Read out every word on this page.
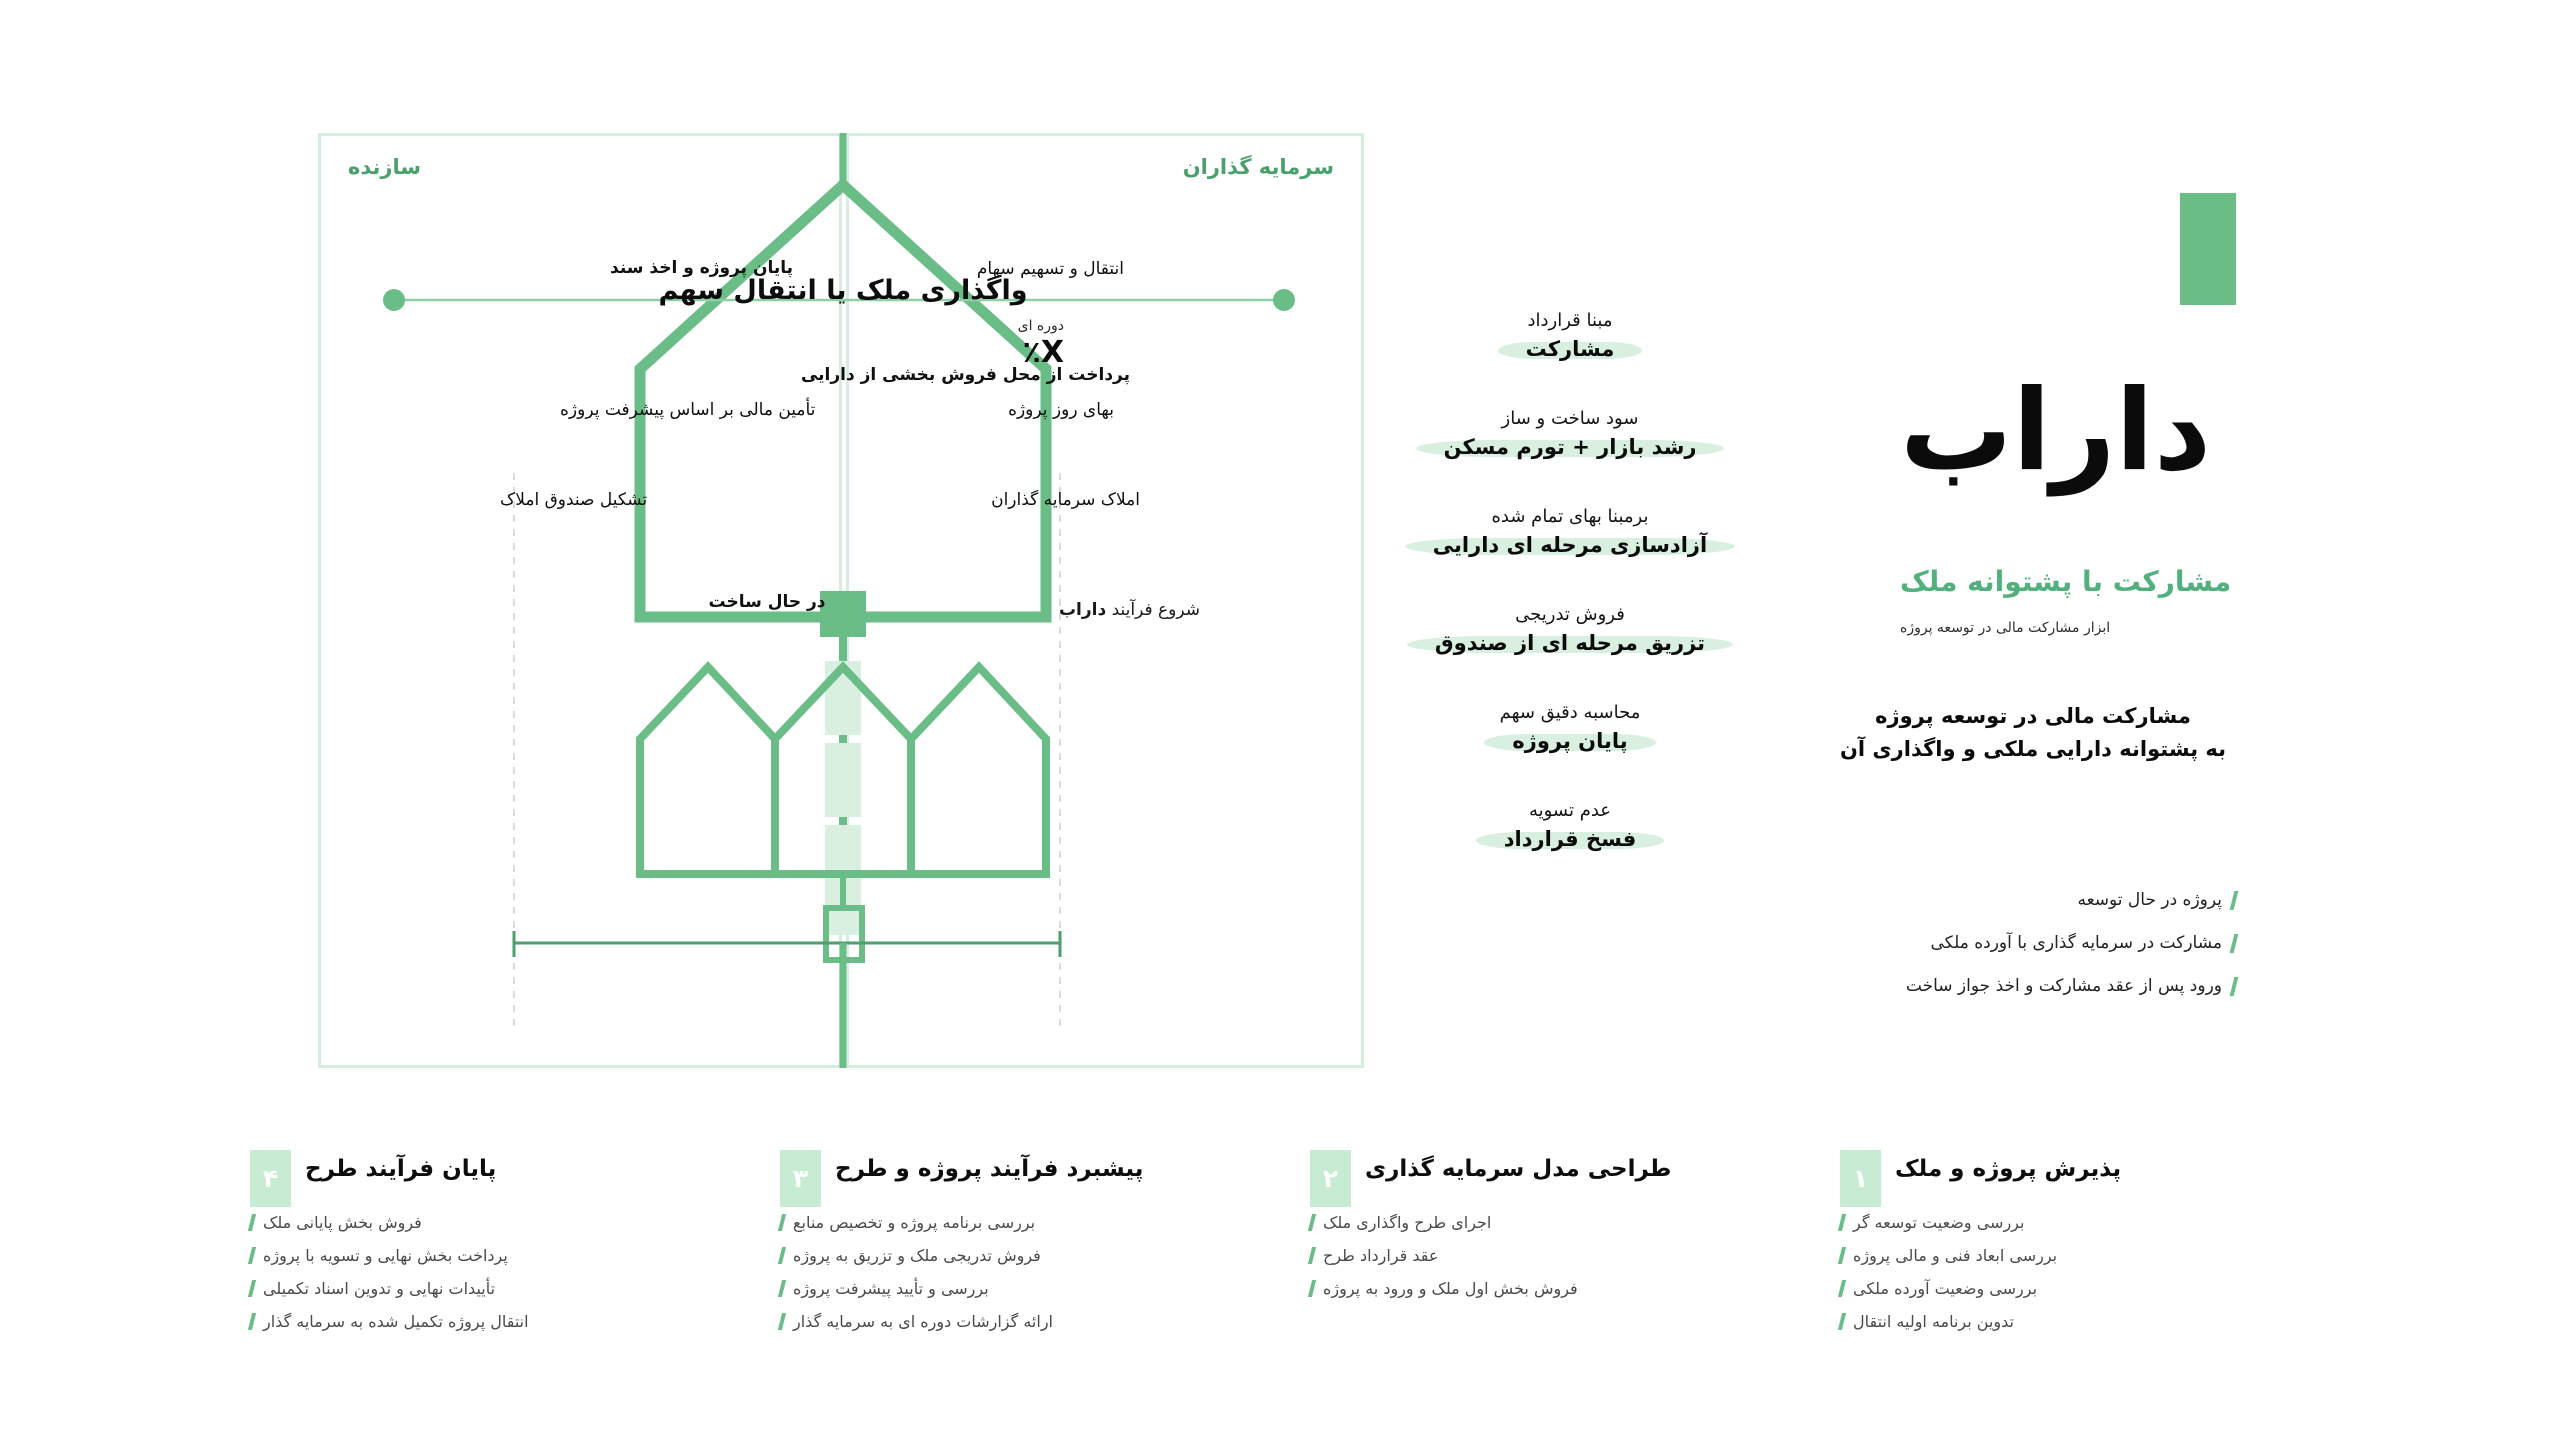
سازنده	سرمایه گذاران
واگذاری ملک یا انتقال سهم
پایان پروژه و اخذ سند	انتقال و تسهیم سهام
دوره ای
X٪
پرداخت از محل فروش بخشی از دارایی
تأمین مالی بر اساس پیشرفت پروژه	بهای روز پروژه
تشکیل صندوق املاک	املاک سرمایه گذاران
در حال ساخت	شروع فرآیند داراب
مبنا قرارداد
مشارکت
سود ساخت و ساز
رشد بازار + تورم مسکن
برمبنا بهای تمام شده
آزادسازی مرحله ای دارایی
فروش تدریجی
تزریق مرحله ای از صندوق
محاسبه دقیق سهم
پایان پروژه
عدم تسویه
فسخ قرارداد
داراب
مشارکت با پشتوانه ملک
ابزار مشارکت مالی در توسعه پروژه
مشارکت مالی در توسعه پروژه
به پشتوانه دارایی ملکی و واگذاری آن
پروژه در حال توسعه
مشارکت در سرمایه گذاری با آورده ملکی
ورود پس از عقد مشارکت و اخذ جواز ساخت
۱	پذیرش پروژه و ملک
بررسی وضعیت توسعه گر
بررسی ابعاد فنی و مالی پروژه
بررسی وضعیت آورده ملکی
تدوین برنامه اولیه انتقال
۲	طراحی مدل سرمایه گذاری
اجرای طرح واگذاری ملک
عقد قرارداد طرح
فروش بخش اول ملک و ورود به پروژه
۳	پیشبرد فرآیند پروژه و طرح
بررسی برنامه پروژه و تخصیص منابع
فروش تدریجی ملک و تزریق به پروژه
بررسی و تأیید پیشرفت پروژه
ارائه گزارشات دوره ای به سرمایه گذار
۴	پایان فرآیند طرح
فروش بخش پایانی ملک
پرداخت بخش نهایی و تسویه با پروژه
تأییدات نهایی و تدوین اسناد تکمیلی
انتقال پروژه تکمیل شده به سرمایه گذار
